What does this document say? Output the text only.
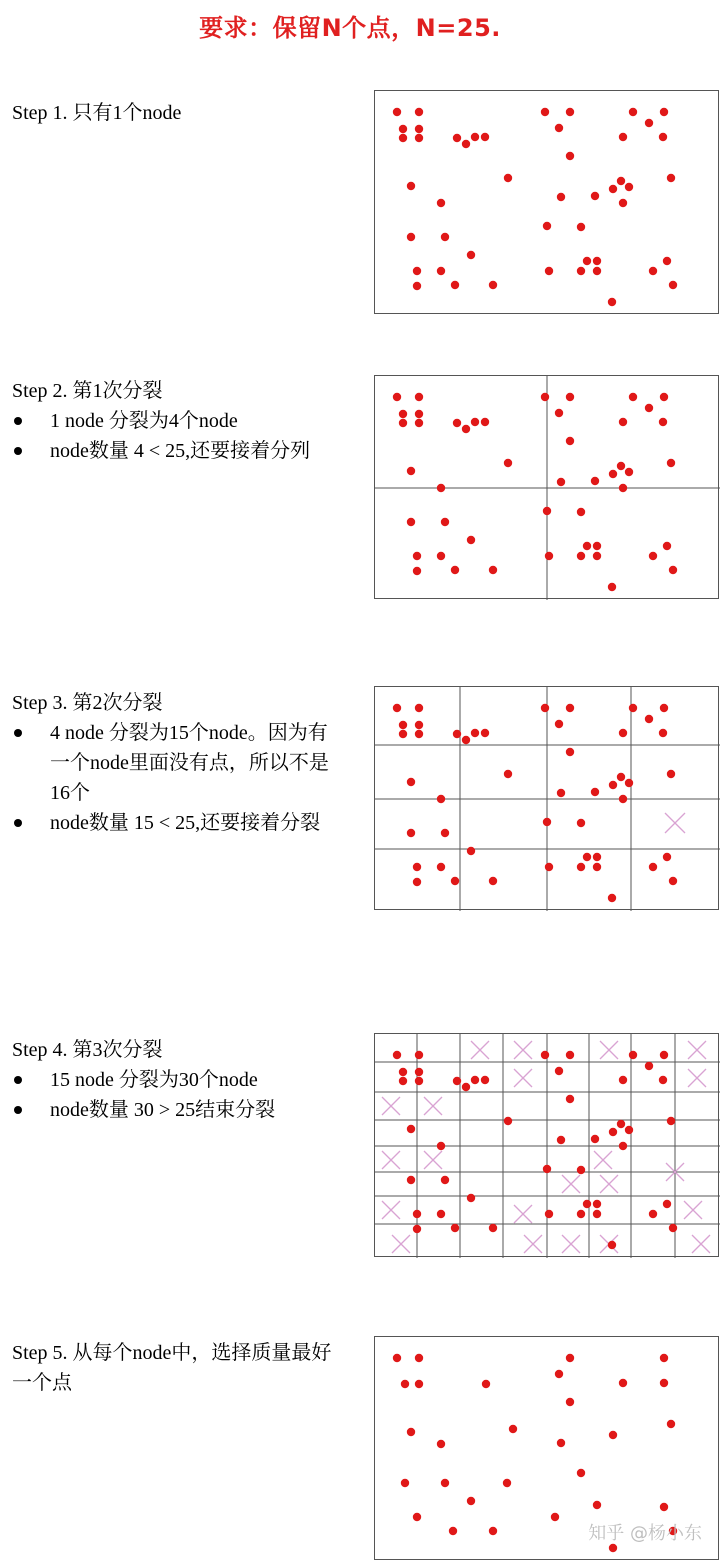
要求：保留N个点，N=25.
Step 1. 只有1个node
Step 2. 第1次分裂
1 node 分裂为4个node
node数量 4 < 25,还要接着分列
Step 3. 第2次分裂
4 node 分裂为15个node。因为有一个node里面没有点，所以不是16个
node数量 15 < 25,还要接着分裂
Step 4. 第3次分裂
15 node 分裂为30个node
node数量 30 > 25结束分裂
Step 5. 从每个node中，选择质量最好一个点
知乎 @杨小东
